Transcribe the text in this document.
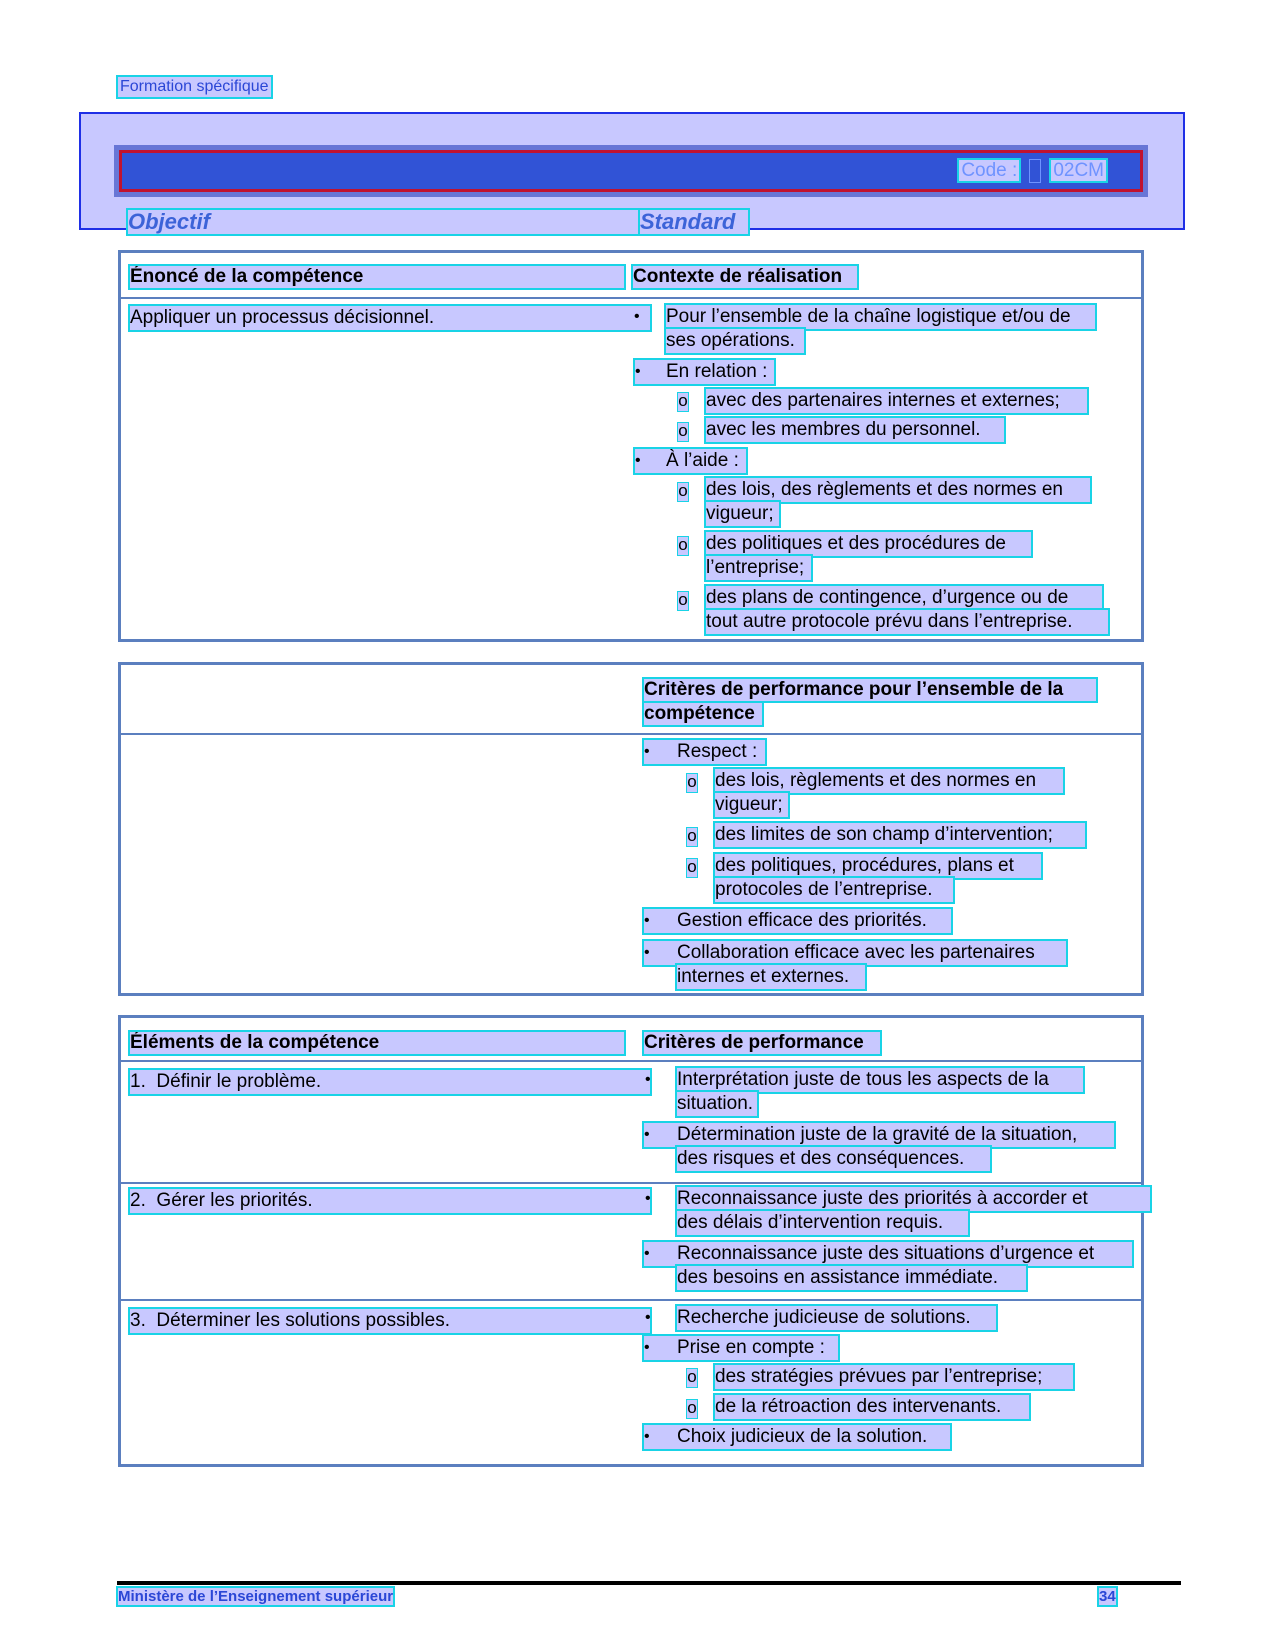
Formation spécifique
Code : 02CM
Objectif	Standard
Énoncé de la compétence	Contexte de réalisation
Appliquer un processus décisionnel.	• Pour l’ensemble de la chaîne logistique et/ou de
ses opérations.
• En relation :
o
avec des partenaires internes et externes;
o
avec les membres du personnel.
• À l’aide :
o
des lois, des règlements et des normes en
vigueur;
o
des politiques et des procédures de
l’entreprise;
o
des plans de contingence, d’urgence ou de
tout autre protocole prévu dans l’entreprise.
Critères de performance pour l’ensemble de la
compétence
• Respect :
o
des lois, règlements et des normes en
vigueur;
o
des limites de son champ d’intervention;
o
des politiques, procédures, plans et
protocoles de l’entreprise.
• Gestion efficace des priorités.
• Collaboration efficace avec les partenaires
internes et externes.
Éléments de la compétence	Critères de performance
1. Définir le problème.	• Interprétation juste de tous les aspects de la
situation.
• Détermination juste de la gravité de la situation,
des risques et des conséquences.
2. Gérer les priorités.	• Reconnaissance juste des priorités à accorder et
des délais d’intervention requis.
• Reconnaissance juste des situations d’urgence et
des besoins en assistance immédiate.
3. Déterminer les solutions possibles.	• Recherche judicieuse de solutions.
• Prise en compte :
o
des stratégies prévues par l’entreprise;
o
de la rétroaction des intervenants.
• Choix judicieux de la solution.
Ministère de l’Enseignement supérieur	34
